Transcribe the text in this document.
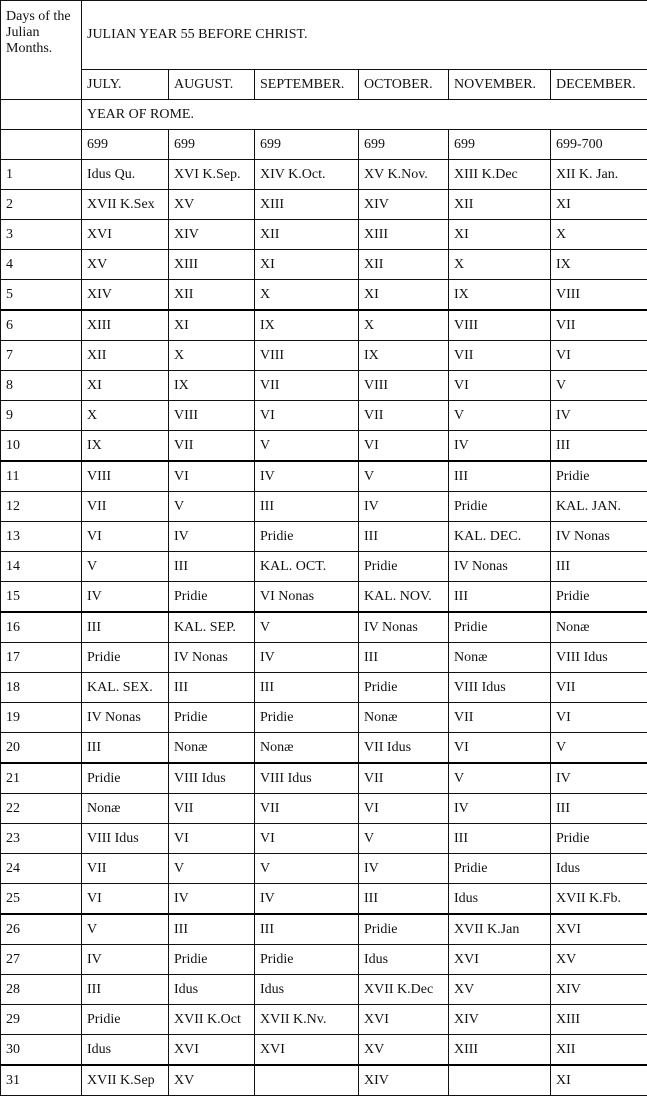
Days of the Julian Months.	JULIAN YEAR 55 BEFORE CHRIST.					
	JULY.	AUGUST.	SEPTEMBER.	OCTOBER.	NOVEMBER.	DECEMBER.
	YEAR OF ROME.					
	699	699	699	699	699	699-700
1	Idus Qu.	XVI K.Sep.	XIV K.Oct.	XV K.Nov.	XIII K.Dec	XII K. Jan.
2	XVII K.Sex	XV	XIII	XIV	XII	XI
3	XVI	XIV	XII	XIII	XI	X
4	XV	XIII	XI	XII	X	IX
5	XIV	XII	X	XI	IX	VIII
6	XIII	XI	IX	X	VIII	VII
7	XII	X	VIII	IX	VII	VI
8	XI	IX	VII	VIII	VI	V
9	X	VIII	VI	VII	V	IV
10	IX	VII	V	VI	IV	III
11	VIII	VI	IV	V	III	Pridie
12	VII	V	III	IV	Pridie	KAL. JAN.
13	VI	IV	Pridie	III	KAL. DEC.	IV Nonas
14	V	III	KAL. OCT.	Pridie	IV Nonas	III
15	IV	Pridie	VI Nonas	KAL. NOV.	III	Pridie
16	III	KAL. SEP.	V	IV Nonas	Pridie	Nonæ
17	Pridie	IV Nonas	IV	III	Nonæ	VIII Idus
18	KAL. SEX.	III	III	Pridie	VIII Idus	VII
19	IV Nonas	Pridie	Pridie	Nonæ	VII	VI
20	III	Nonæ	Nonæ	VII Idus	VI	V
21	Pridie	VIII Idus	VIII Idus	VII	V	IV
22	Nonæ	VII	VII	VI	IV	III
23	VIII Idus	VI	VI	V	III	Pridie
24	VII	V	V	IV	Pridie	Idus
25	VI	IV	IV	III	Idus	XVII K.Fb.
26	V	III	III	Pridie	XVII K.Jan	XVI
27	IV	Pridie	Pridie	Idus	XVI	XV
28	III	Idus	Idus	XVII K.Dec	XV	XIV
29	Pridie	XVII K.Oct	XVII K.Nv.	XVI	XIV	XIII
30	Idus	XVI	XVI	XV	XIII	XII
31	XVII K.Sep	XV		XIV		XI
